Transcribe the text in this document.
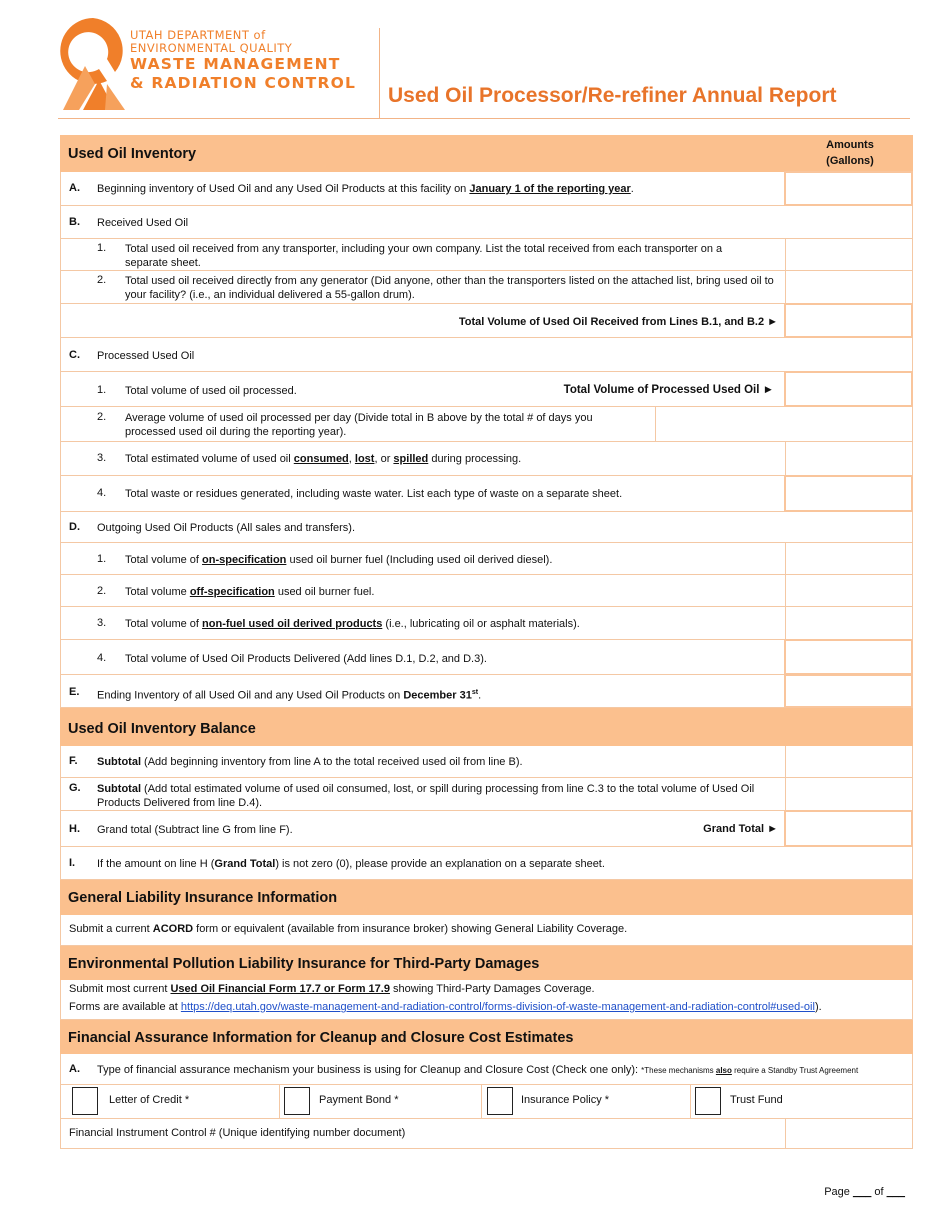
UTAH DEPARTMENT of
ENVIRONMENTAL QUALITY
WASTE MANAGEMENT
& RADIATION CONTROL
Used Oil Processor/Re-refiner Annual Report
Used Oil Inventory
Amounts
(Gallons)
A. Beginning inventory of Used Oil and any Used Oil Products at this facility on January 1 of the reporting year.
B. Received Used Oil
1. Total used oil received from any transporter, including your own company. List the total received from each transporter on a separate sheet.
2. Total used oil received directly from any generator (Did anyone, other than the transporters listed on the attached list, bring used oil to your facility? (i.e., an individual delivered a 55-gallon drum).
Total Volume of Used Oil Received from Lines B.1, and B.2 ►
C. Processed Used Oil
1. Total volume of used oil processed.	Total Volume of Processed Used Oil ►
2. Average volume of used oil processed per day (Divide total in B above by the total # of days you processed used oil during the reporting year).
3. Total estimated volume of used oil consumed, lost, or spilled during processing.
4. Total waste or residues generated, including waste water. List each type of waste on a separate sheet.
D. Outgoing Used Oil Products (All sales and transfers).
1. Total volume of on-specification used oil burner fuel (Including used oil derived diesel).
2. Total volume off-specification used oil burner fuel.
3. Total volume of non-fuel used oil derived products (i.e., lubricating oil or asphalt materials).
4. Total volume of Used Oil Products Delivered (Add lines D.1, D.2, and D.3).
E. Ending Inventory of all Used Oil and any Used Oil Products on December 31st.
Used Oil Inventory Balance
F. Subtotal (Add beginning inventory from line A to the total received used oil from line B).
G. Subtotal (Add total estimated volume of used oil consumed, lost, or spill during processing from line C.3 to the total volume of Used Oil Products Delivered from line D.4).
H. Grand total (Subtract line G from line F).	Grand Total ►
I. If the amount on line H (Grand Total) is not zero (0), please provide an explanation on a separate sheet.
General Liability Insurance Information
Submit a current ACORD form or equivalent (available from insurance broker) showing General Liability Coverage.
Environmental Pollution Liability Insurance for Third-Party Damages
Submit most current Used Oil Financial Form 17.7 or Form 17.9 showing Third-Party Damages Coverage.
Forms are available at https://deq.utah.gov/waste-management-and-radiation-control/forms-division-of-waste-management-and-radiation-control#used-oil).
Financial Assurance Information for Cleanup and Closure Cost Estimates
A. Type of financial assurance mechanism your business is using for Cleanup and Closure Cost (Check one only): *These mechanisms also require a Standby Trust Agreement
Letter of Credit *	Payment Bond *	Insurance Policy *	Trust Fund
Financial Instrument Control # (Unique identifying number document)
Page ___ of ___
